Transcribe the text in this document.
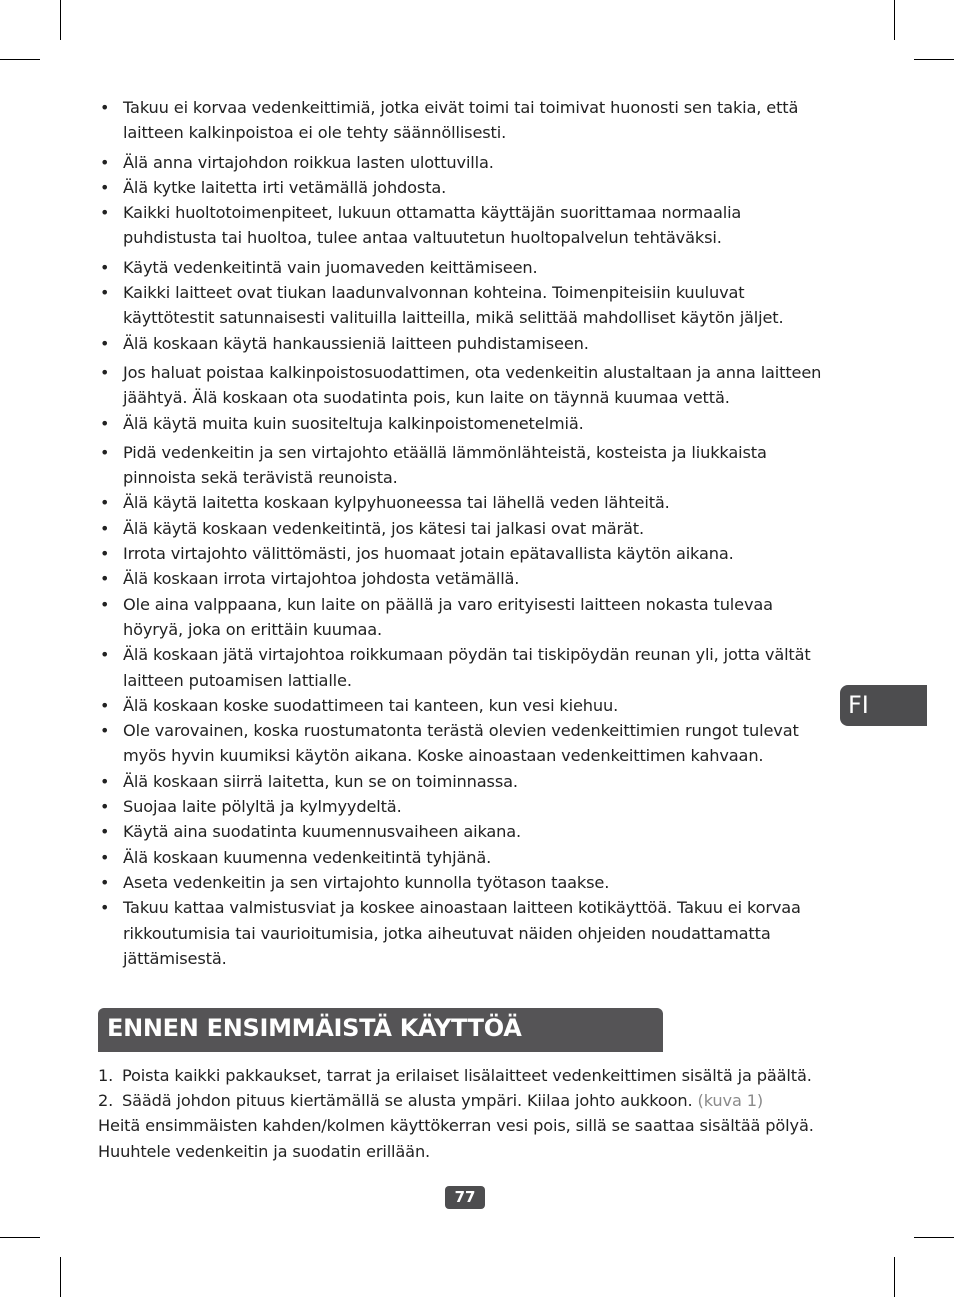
• Takuu ei korvaa vedenkeittimiä, jotka eivät toimi tai toimivat huonosti sen takia, että laitteen kalkinpoistoa ei ole tehty säännöllisesti.
• Älä anna virtajohdon roikkua lasten ulottuvilla.
• Älä kytke laitetta irti vetämällä johdosta.
• Kaikki huoltotoimenpiteet, lukuun ottamatta käyttäjän suorittamaa normaalia puhdistusta tai huoltoa, tulee antaa valtuutetun huoltopalvelun tehtäväksi.
• Käytä vedenkeitintä vain juomaveden keittämiseen.
• Kaikki laitteet ovat tiukan laadunvalvonnan kohteina. Toimenpiteisiin kuuluvat käyttötestit satunnaisesti valituilla laitteilla, mikä selittää mahdolliset käytön jäljet.
• Älä koskaan käytä hankaussieniä laitteen puhdistamiseen.
• Jos haluat poistaa kalkinpoistosuodattimen, ota vedenkeitin alustaltaan ja anna laitteen jäähtyä. Älä koskaan ota suodatinta pois, kun laite on täynnä kuumaa vettä.
• Älä käytä muita kuin suositeltuja kalkinpoistomenetelmiä.
• Pidä vedenkeitin ja sen virtajohto etäällä lämmönlähteistä, kosteista ja liukkaista pinnoista sekä terävistä reunoista.
• Älä käytä laitetta koskaan kylpyhuoneessa tai lähellä veden lähteitä.
• Älä käytä koskaan vedenkeitintä, jos kätesi tai jalkasi ovat märät.
• Irrota virtajohto välittömästi, jos huomaat jotain epätavallista käytön aikana.
• Älä koskaan irrota virtajohtoa johdosta vetämällä.
• Ole aina valppaana, kun laite on päällä ja varo erityisesti laitteen nokasta tulevaa höyryä, joka on erittäin kuumaa.
• Älä koskaan jätä virtajohtoa roikkumaan pöydän tai tiskipöydän reunan yli, jotta vältät laitteen putoamisen lattialle.
• Älä koskaan koske suodattimeen tai kanteen, kun vesi kiehuu.
• Ole varovainen, koska ruostumatonta terästä olevien vedenkeittimien rungot tulevat myös hyvin kuumiksi käytön aikana. Koske ainoastaan vedenkeittimen kahvaan.
• Älä koskaan siirrä laitetta, kun se on toiminnassa.
• Suojaa laite pölyltä ja kylmyydeltä.
• Käytä aina suodatinta kuumennusvaiheen aikana.
• Älä koskaan kuumenna vedenkeitintä tyhjänä.
• Aseta vedenkeitin ja sen virtajohto kunnolla työtason taakse.
• Takuu kattaa valmistusviat ja koskee ainoastaan laitteen kotikäyttöä. Takuu ei korvaa rikkoutumisia tai vaurioitumisia, jotka aiheutuvat näiden ohjeiden noudattamatta jättämisestä.
FI
ENNEN ENSIMMÄISTÄ KÄYTTÖÄ
1. Poista kaikki pakkaukset, tarrat ja erilaiset lisälaitteet vedenkeittimen sisältä ja päältä.
2. Säädä johdon pituus kiertämällä se alusta ympäri. Kiilaa johto aukkoon. (kuva 1)

Heitä ensimmäisten kahden/kolmen käyttökerran vesi pois, sillä se saattaa sisältää pölyä. Huuhtele vedenkeitin ja suodatin erillään.

77
